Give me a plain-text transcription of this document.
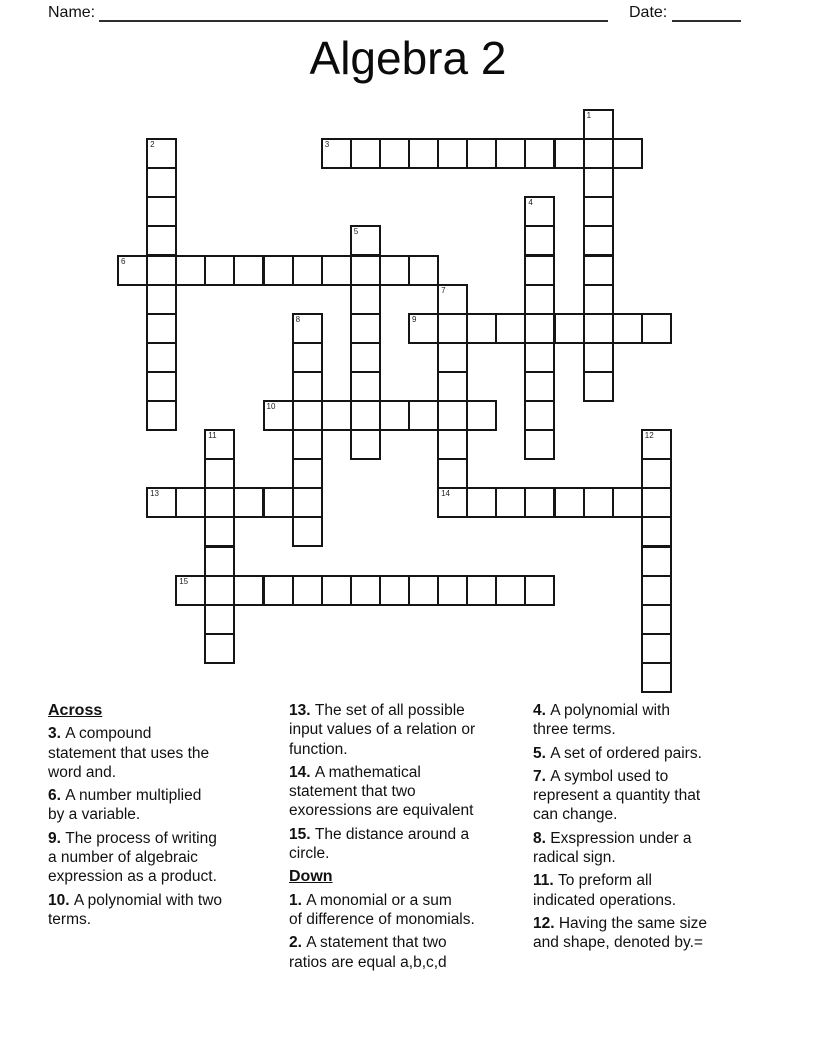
Name:	Date:
Algebra 2
1
2	3
4
5
6
7
8	9
10
11	12
13	14
15

Across

3. A compound
statement that uses the
word and.

6. A number multiplied
by a variable.

9. The process of writing
a number of algebraic
expression as a product.

10. A polynomial with two
terms.

13. The set of all possible
input values of a relation or
function.

14. A mathematical
statement that two
exoressions are equivalent

15. The distance around a
circle.

Down

1. A monomial or a sum
of difference of monomials.

2. A statement that two
ratios are equal a,b,c,d

4. A polynomial with
three terms.

5. A set of ordered pairs.

7. A symbol used to
represent a quantity that
can change.

8. Exspression under a
radical sign.

11. To preform all
indicated operations.

12. Having the same size
and shape, denoted by.=
